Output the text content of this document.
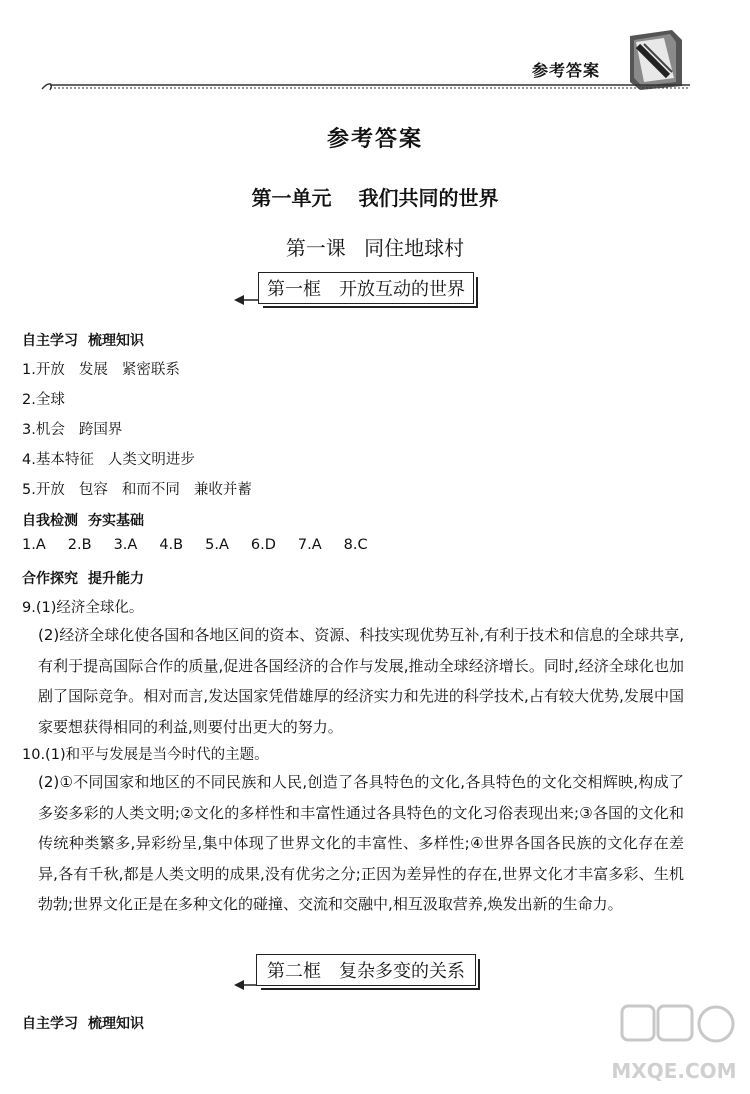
参考答案
参考答案
第一单元 我们共同的世界
第一课 同住地球村
第一框 开放互动的世界
自主学习 梳理知识
1.开放 发展 紧密联系
2.全球
3.机会 跨国界
4.基本特征 人类文明进步
5.开放 包容 和而不同 兼收并蓄
自我检测 夯实基础
1.A 2.B 3.A 4.B 5.A 6.D 7.A 8.C
合作探究 提升能力
9.(1)经济全球化。
(2)经济全球化使各国和各地区间的资本、资源、科技实现优势互补,有利于技术和信息的全球共享,有利于提高国际合作的质量,促进各国经济的合作与发展,推动全球经济增长。同时,经济全球化也加剧了国际竞争。相对而言,发达国家凭借雄厚的经济实力和先进的科学技术,占有较大优势,发展中国家要想获得相同的利益,则要付出更大的努力。
10.(1)和平与发展是当今时代的主题。
(2)①不同国家和地区的不同民族和人民,创造了各具特色的文化,各具特色的文化交相辉映,构成了多姿多彩的人类文明;②文化的多样性和丰富性通过各具特色的文化习俗表现出来;③各国的文化和传统种类繁多,异彩纷呈,集中体现了世界文化的丰富性、多样性;④世界各国各民族的文化存在差异,各有千秋,都是人类文明的成果,没有优劣之分;正因为差异性的存在,世界文化才丰富多彩、生机勃勃;世界文化正是在多种文化的碰撞、交流和交融中,相互汲取营养,焕发出新的生命力。
第二框 复杂多变的关系
自主学习 梳理知识
MXQE.COM
